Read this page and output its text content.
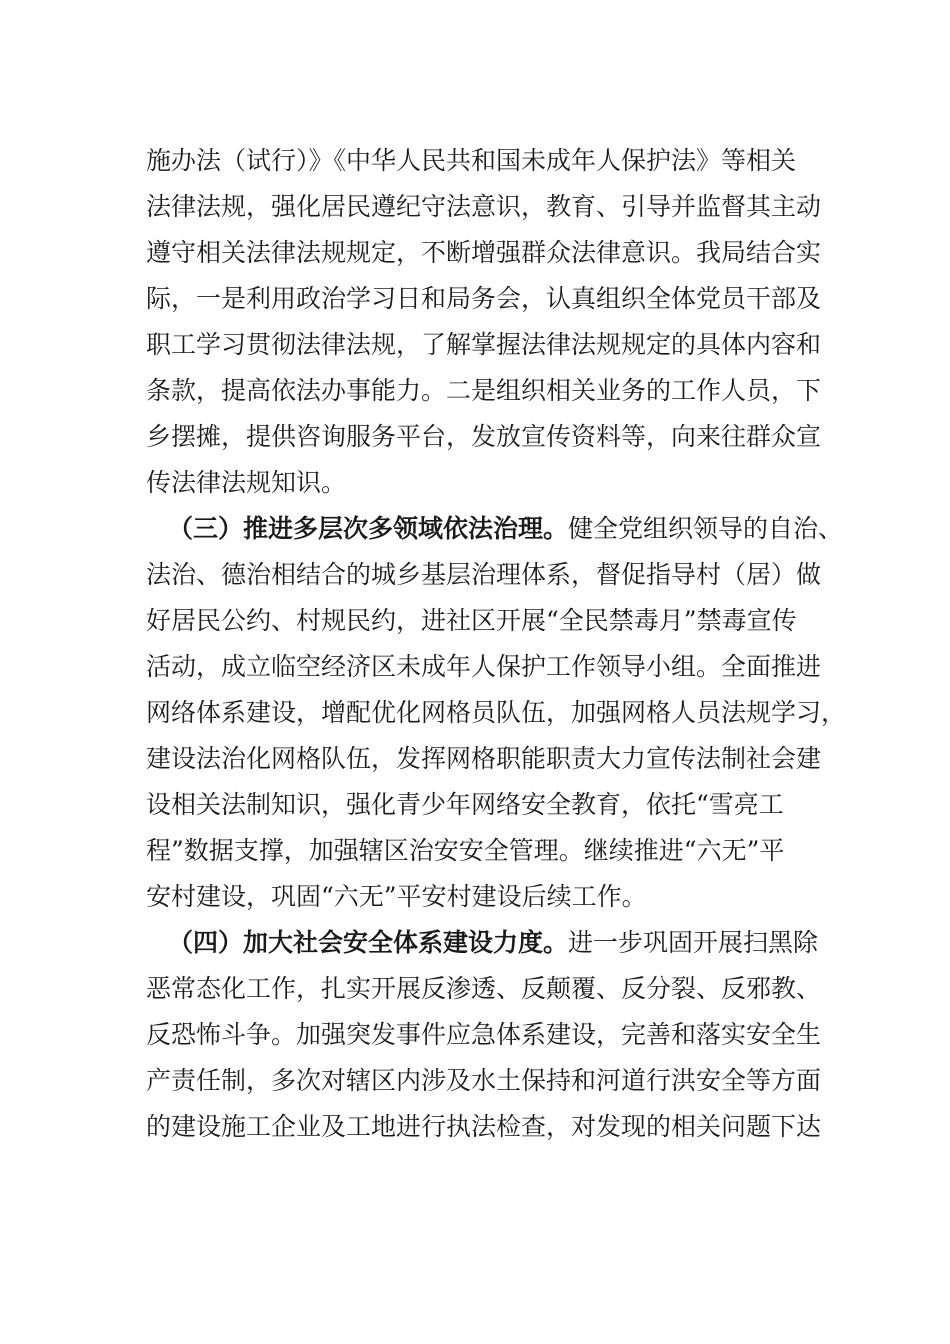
施办法（试行）》《中华人民共和国未成年人保护法》等相关
法律法规，强化居民遵纪守法意识，教育、引导并监督其主动
遵守相关法律法规规定，不断增强群众法律意识。我局结合实
际，一是利用政治学习日和局务会，认真组织全体党员干部及
职工学习贯彻法律法规，了解掌握法律法规规定的具体内容和
条款，提高依法办事能力。二是组织相关业务的工作人员，下
乡摆摊，提供咨询服务平台，发放宣传资料等，向来往群众宣
传法律法规知识。
（三）推进多层次多领域依法治理。健全党组织领导的自治、
法治、德治相结合的城乡基层治理体系，督促指导村（居）做
好居民公约、村规民约，进社区开展“全民禁毒月”禁毒宣传
活动，成立临空经济区未成年人保护工作领导小组。全面推进
网络体系建设，增配优化网格员队伍，加强网格人员法规学习，
建设法治化网格队伍，发挥网格职能职责大力宣传法制社会建
设相关法制知识，强化青少年网络安全教育，依托“雪亮工
程”数据支撑，加强辖区治安安全管理。继续推进“六无”平
安村建设，巩固“六无”平安村建设后续工作。
（四）加大社会安全体系建设力度。进一步巩固开展扫黑除
恶常态化工作，扎实开展反渗透、反颠覆、反分裂、反邪教、
反恐怖斗争。加强突发事件应急体系建设，完善和落实安全生
产责任制，多次对辖区内涉及水土保持和河道行洪安全等方面
的建设施工企业及工地进行执法检查，对发现的相关问题下达
